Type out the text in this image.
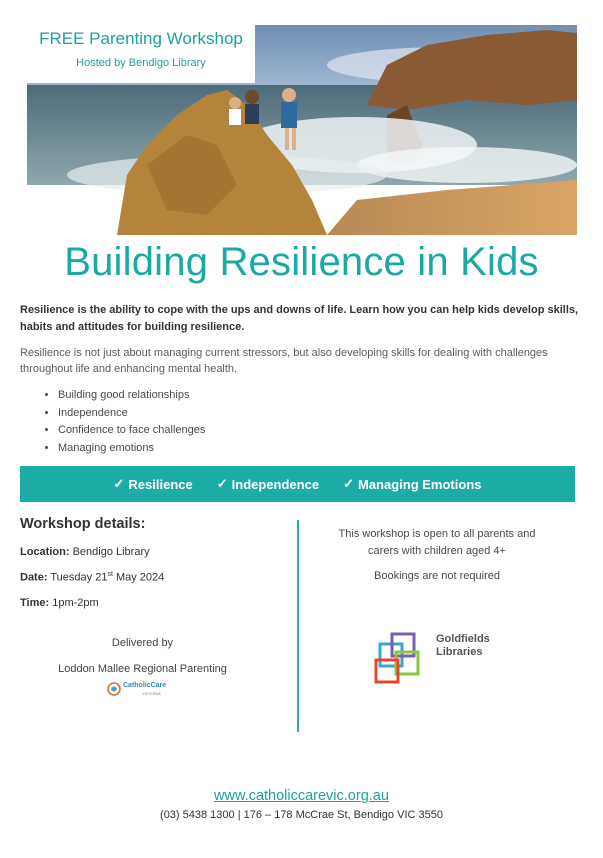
FREE Parenting Workshop
Hosted by Bendigo Library
Building Resilience in Kids
Resilience is the ability to cope with the ups and downs of life. Learn how you can help kids develop skills, habits and attitudes for building resilience.
Resilience is not just about managing current stressors, but also developing skills for dealing with challenges throughout life and enhancing mental health.
• Building good relationships
• Independence
• Confidence to face challenges
• Managing emotions
✓ Resilience ✓ Independence ✓ Managing Emotions
Workshop details:
Location: Bendigo Library
Date: Tuesday 21st May 2024
Time: 1pm-2pm
Delivered by
Loddon Mallee Regional Parenting
CatholicCare
VICTORIA
This workshop is open to all parents and
carers with children aged 4+
Bookings are not required
Goldfields
Libraries
www.catholiccarevic.org.au
(03) 5438 1300 | 176 – 178 McCrae St, Bendigo VIC 3550
